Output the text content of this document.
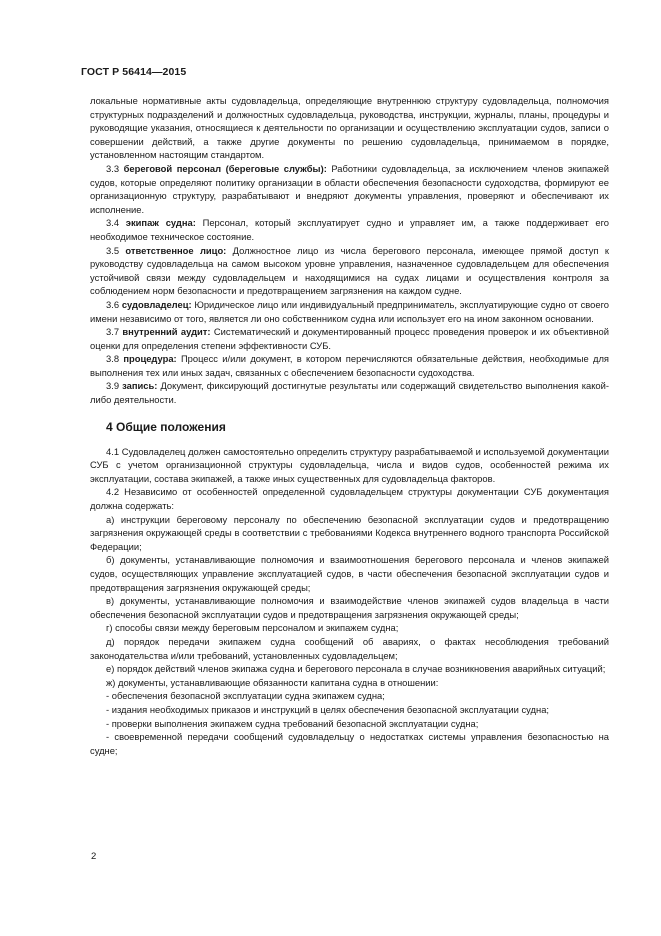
ГОСТ Р 56414—2015

локальные нормативные акты судовладельца, определяющие внутреннюю структуру судовладельца, полномочия структурных подразделений и должностных судовладельца, руководства, инструкции, журналы, планы, процедуры и руководящие указания, относящиеся к деятельности по организации и осуществлению эксплуатации судов, записи о совершении действий, а также другие документы по решению судовладельца, принимаемом в порядке, установленном настоящим стандартом.

3.3 береговой персонал (береговые службы): Работники судовладельца, за исключением членов экипажей судов, которые определяют политику организации в области обеспечения безопасности судоходства, формируют ее организационную структуру, разрабатывают и внедряют документы управления, проверяют и обеспечивают их исполнение.

3.4 экипаж судна: Персонал, который эксплуатирует судно и управляет им, а также поддерживает его необходимое техническое состояние.

3.5 ответственное лицо: Должностное лицо из числа берегового персонала, имеющее прямой доступ к руководству судовладельца на самом высоком уровне управления, назначенное судовладельцем для обеспечения устойчивой связи между судовладельцем и находящимися на судах лицами и осуществления контроля за соблюдением норм безопасности и предотвращением загрязнения на каждом судне.

3.6 судовладелец: Юридическое лицо или индивидуальный предприниматель, эксплуатирующие судно от своего имени независимо от того, является ли оно собственником судна или использует его на ином законном основании.

3.7 внутренний аудит: Систематический и документированный процесс проведения проверок и их объективной оценки для определения степени эффективности СУБ.

3.8 процедура: Процесс и/или документ, в котором перечисляются обязательные действия, необходимые для выполнения тех или иных задач, связанных с обеспечением безопасности судоходства.

3.9 запись: Документ, фиксирующий достигнутые результаты или содержащий свидетельство выполнения какой-либо деятельности.

4 Общие положения

4.1 Судовладелец должен самостоятельно определить структуру разрабатываемой и используемой документации СУБ с учетом организационной структуры судовладельца, числа и видов судов, особенностей режима их эксплуатации, состава экипажей, а также иных существенных для судовладельца факторов.

4.2 Независимо от особенностей определенной судовладельцем структуры документации СУБ документация должна содержать:

а) инструкции береговому персоналу по обеспечению безопасной эксплуатации судов и предотвращению загрязнения окружающей среды в соответствии с требованиями Кодекса внутреннего водного транспорта Российской Федерации;

б) документы, устанавливающие полномочия и взаимоотношения берегового персонала и членов экипажей судов, осуществляющих управление эксплуатацией судов, в части обеспечения безопасной эксплуатации судов и предотвращения загрязнения окружающей среды;

в) документы, устанавливающие полномочия и взаимодействие членов экипажей судов владельца в части обеспечения безопасной эксплуатации судов и предотвращения загрязнения окружающей среды;

г) способы связи между береговым персоналом и экипажем судна;

д) порядок передачи экипажем судна сообщений об авариях, о фактах несоблюдения требований законодательства и/или требований, установленных судовладельцем;

е) порядок действий членов экипажа судна и берегового персонала в случае возникновения аварийных ситуаций;

ж) документы, устанавливающие обязанности капитана судна в отношении:

- обеспечения безопасной эксплуатации судна экипажем судна;

- издания необходимых приказов и инструкций в целях обеспечения безопасной эксплуатации судна;

- проверки выполнения экипажем судна требований безопасной эксплуатации судна;

- своевременной передачи сообщений судовладельцу о недостатках системы управления безопасностью на судне;

2
